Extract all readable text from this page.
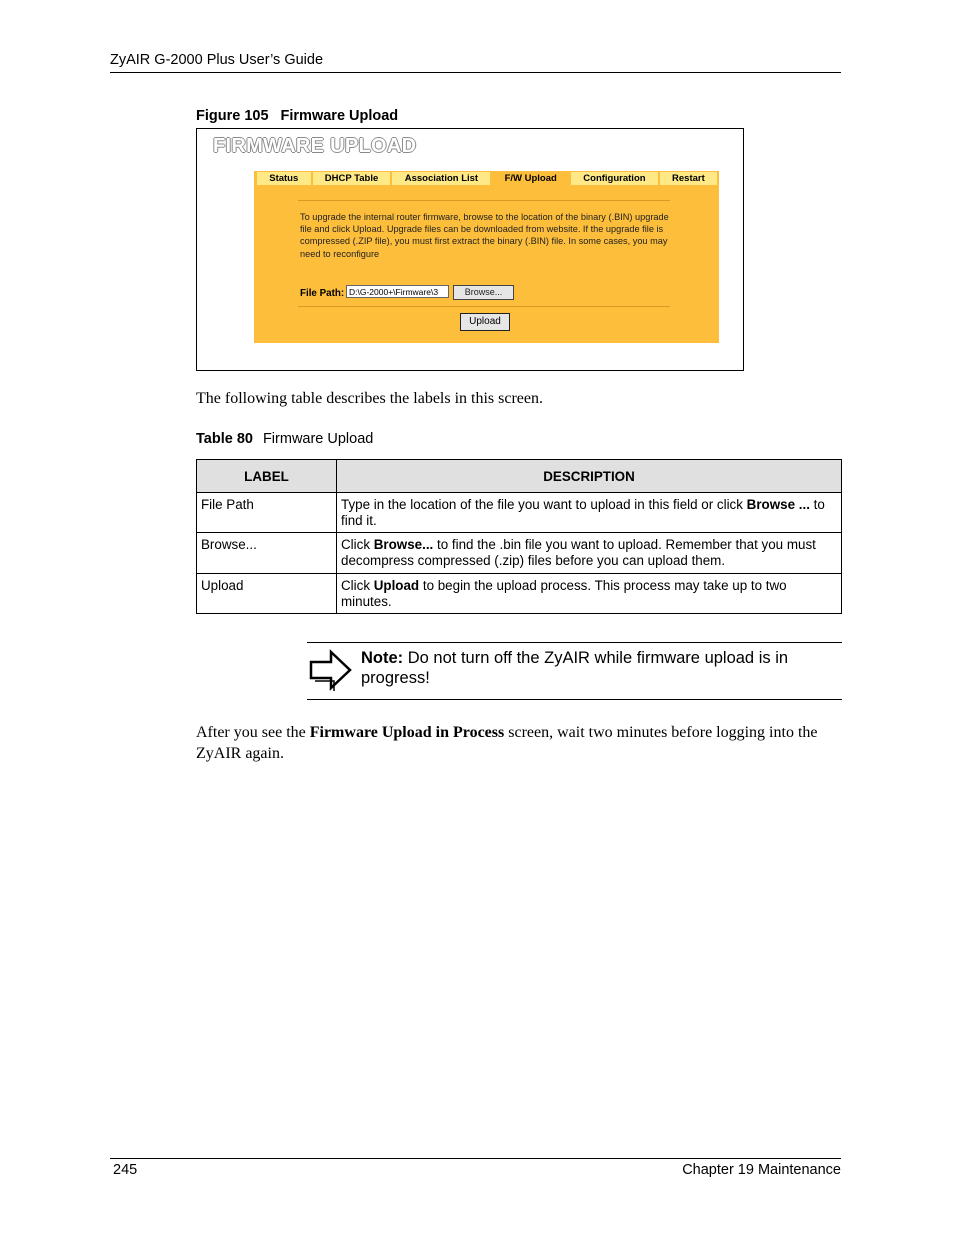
ZyAIR G-2000 Plus User’s Guide
Figure 105 Firmware Upload
FIRMWARE UPLOAD
Status	DHCP Table	Association List	F/W Upload	Configuration	Restart
To upgrade the internal router firmware, browse to the location of the binary (.BIN) upgrade file and click Upload. Upgrade files can be downloaded from website. If the upgrade file is compressed (.ZIP file), you must first extract the binary (.BIN) file. In some cases, you may need to reconfigure
File Path: D:\G-2000+\Firmware\3	Browse...
Upload
The following table describes the labels in this screen.
Table 80 Firmware Upload
LABEL	DESCRIPTION
File Path	Type in the location of the file you want to upload in this field or click Browse ... to find it.
Browse...	Click Browse... to find the .bin file you want to upload. Remember that you must decompress compressed (.zip) files before you can upload them.
Upload	Click Upload to begin the upload process. This process may take up to two minutes.
Note: Do not turn off the ZyAIR while firmware upload is in progress!
After you see the Firmware Upload in Process screen, wait two minutes before logging into the ZyAIR again.
245	Chapter 19 Maintenance
